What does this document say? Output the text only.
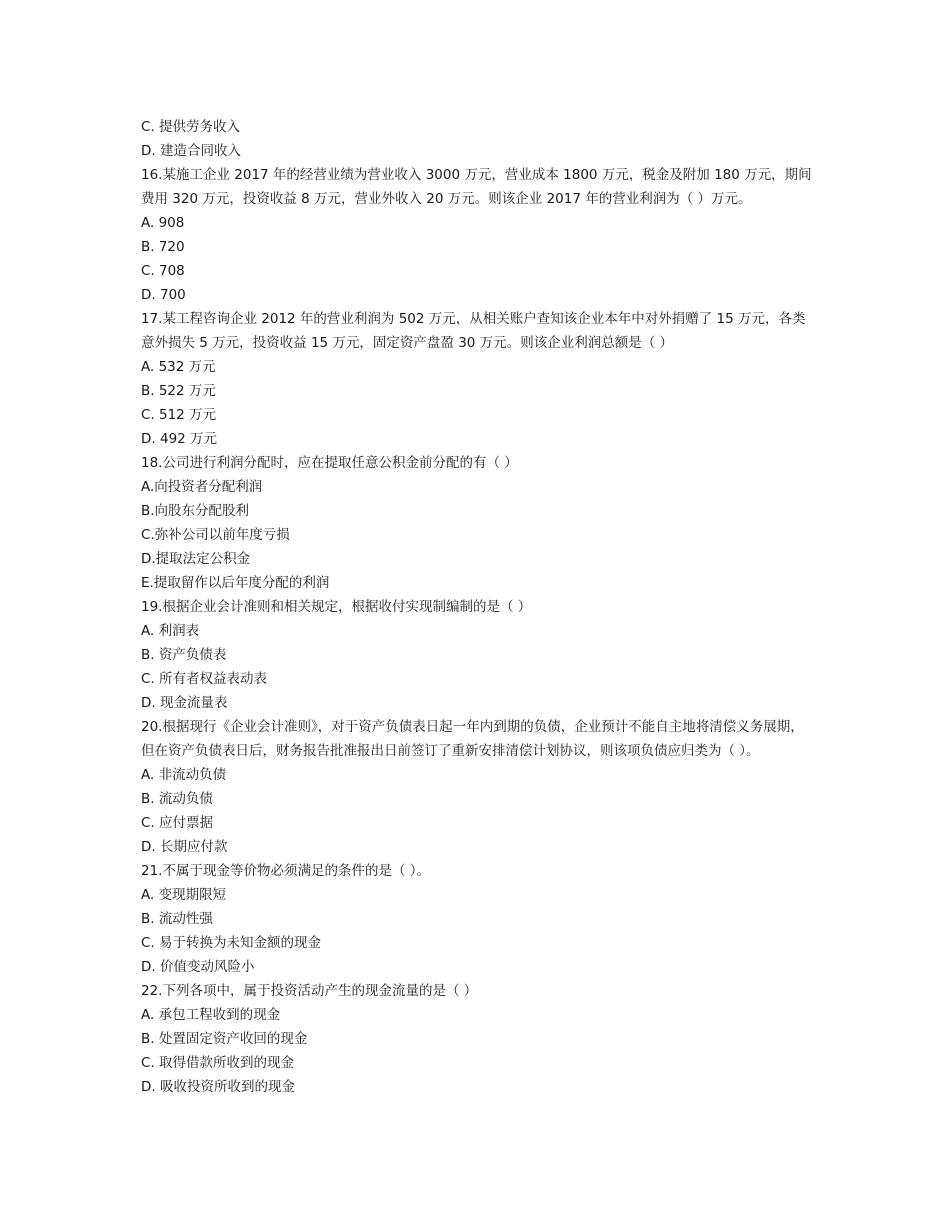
C. 提供劳务收入
D. 建造合同收入
16.某施工企业 2017 年的经营业绩为营业收入 3000 万元，营业成本 1800 万元，税金及附加 180 万元，期间
费用 320 万元，投资收益 8 万元，营业外收入 20 万元。则该企业 2017 年的营业利润为（ ）万元。
A. 908
B. 720
C. 708
D. 700
17.某工程咨询企业 2012 年的营业利润为 502 万元，从相关账户查知该企业本年中对外捐赠了 15 万元，各类
意外损失 5 万元，投资收益 15 万元，固定资产盘盈 30 万元。则该企业利润总额是（ ）
A. 532 万元
B. 522 万元
C. 512 万元
D. 492 万元
18.公司进行利润分配时，应在提取任意公积金前分配的有（ ）
A.向投资者分配利润
B.向股东分配股利
C.弥补公司以前年度亏损
D.提取法定公积金
E.提取留作以后年度分配的利润
19.根据企业会计准则和相关规定，根据收付实现制编制的是（ ）
A. 利润表
B. 资产负债表
C. 所有者权益表动表
D. 现金流量表
20.根据现行《企业会计准则》，对于资产负债表日起一年内到期的负债，企业预计不能自主地将清偿义务展期，
但在资产负债表日后，财务报告批准报出日前签订了重新安排清偿计划协议，则该项负债应归类为（ ）。
A. 非流动负债
B. 流动负债
C. 应付票据
D. 长期应付款
21.不属于现金等价物必须满足的条件的是（ ）。
A. 变现期限短
B. 流动性强
C. 易于转换为未知金额的现金
D. 价值变动风险小
22.下列各项中，属于投资活动产生的现金流量的是（ ）
A. 承包工程收到的现金
B. 处置固定资产收回的现金
C. 取得借款所收到的现金
D. 吸收投资所收到的现金
